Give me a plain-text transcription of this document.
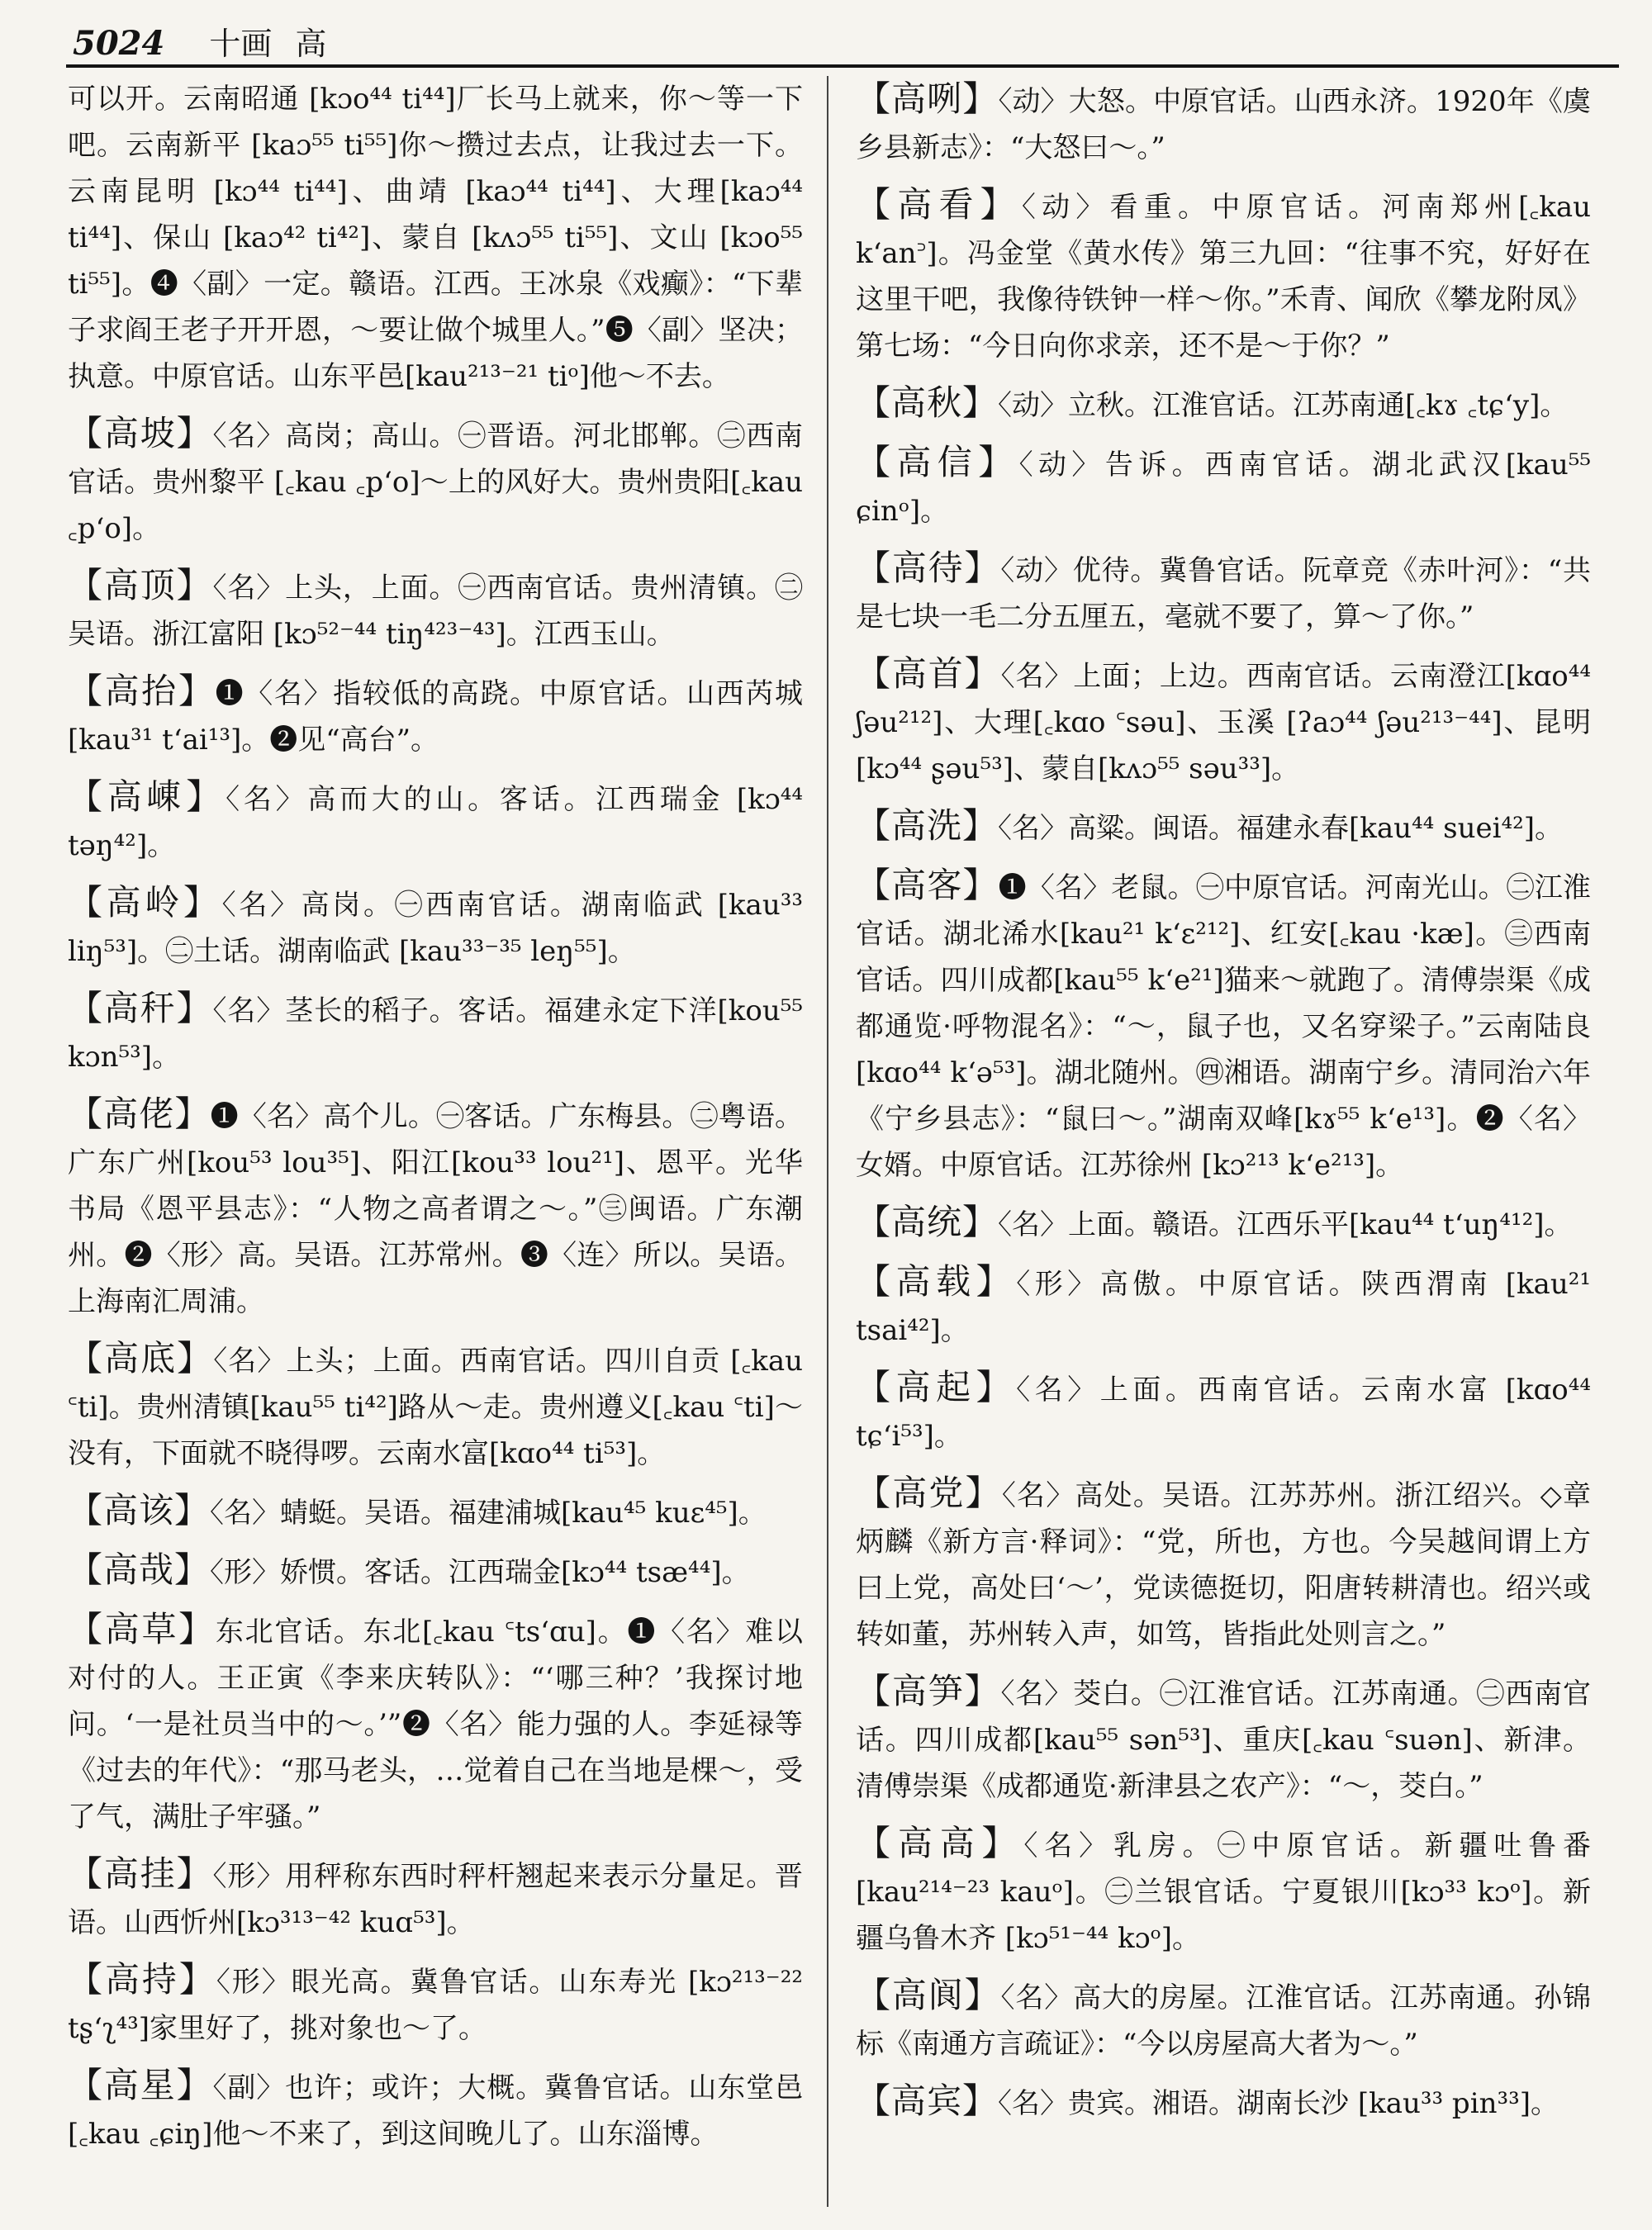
5024 十画 高
可以开。云南昭通 [kɔo⁴⁴ ti⁴⁴]厂长马上就来，你～等一下吧。云南新平 [kaɔ⁵⁵ ti⁵⁵]你～攒过去点，让我过去一下。云南昆明 [kɔ⁴⁴ ti⁴⁴]、曲靖 [kaɔ⁴⁴ ti⁴⁴]、大理[kaɔ⁴⁴ ti⁴⁴]、保山 [kaɔ⁴² ti⁴²]、蒙自 [kʌɔ⁵⁵ ti⁵⁵]、文山 [kɔo⁵⁵ ti⁵⁵]。❹〈副〉一定。赣语。江西。王冰泉《戏癫》：“下辈子求阎王老子开开恩，～要让做个城里人。”❺〈副〉坚决；执意。中原官话。山东平邑[kau²¹³⁻²¹ tiᵒ]他～不去。
【高坡】〈名〉高岗；高山。㊀晋语。河北邯郸。㊁西南官话。贵州黎平 [꜀kau ꜀p‘o]～上的风好大。贵州贵阳[꜀kau ꜀p‘o]。
【高顶】〈名〉上头，上面。㊀西南官话。贵州清镇。㊁吴语。浙江富阳 [kɔ⁵²⁻⁴⁴ tiŋ⁴²³⁻⁴³]。江西玉山。
【高抬】❶〈名〉指较低的高跷。中原官话。山西芮城 [kau³¹ t‘ai¹³]。❷见“高台”。
【高崠】〈名〉高而大的山。客话。江西瑞金 [kɔ⁴⁴ təŋ⁴²]。
【高岭】〈名〉高岗。㊀西南官话。湖南临武 [kau³³ liŋ⁵³]。㊁土话。湖南临武 [kau³³⁻³⁵ leŋ⁵⁵]。
【高秆】〈名〉茎长的稻子。客话。福建永定下洋[kou⁵⁵ kɔn⁵³]。
【高佬】❶〈名〉高个儿。㊀客话。广东梅县。㊁粤语。广东广州[kou⁵³ lou³⁵]、阳江[kou³³ lou²¹]、恩平。光华书局《恩平县志》：“人物之高者谓之～。”㊂闽语。广东潮州。❷〈形〉高。吴语。江苏常州。❸〈连〉所以。吴语。上海南汇周浦。
【高底】〈名〉上头；上面。西南官话。四川自贡 [꜀kau ꜂ti]。贵州清镇[kau⁵⁵ ti⁴²]路从～走。贵州遵义[꜀kau ꜂ti]～没有，下面就不晓得啰。云南水富[kɑo⁴⁴ ti⁵³]。
【高该】〈名〉蜻蜓。吴语。福建浦城[kau⁴⁵ kuɛ⁴⁵]。
【高哉】〈形〉娇惯。客话。江西瑞金[kɔ⁴⁴ tsæ⁴⁴]。
【高草】东北官话。东北[꜀kau ꜂ts‘ɑu]。❶〈名〉难以对付的人。王正寅《李来庆转队》：“‘哪三种？’我探讨地问。‘一是社员当中的～。’”❷〈名〉能力强的人。李延禄等《过去的年代》：“那马老头，…觉着自己在当地是棵～，受了气，满肚子牢骚。”
【高挂】〈形〉用秤称东西时秤杆翘起来表示分量足。晋语。山西忻州[kɔ³¹³⁻⁴² kuɑ⁵³]。
【高持】〈形〉眼光高。冀鲁官话。山东寿光 [kɔ²¹³⁻²² tʂ‘ʅ⁴³]家里好了，挑对象也～了。
【高星】〈副〉也许；或许；大概。冀鲁官话。山东堂邑 [꜀kau ꜀ɕiŋ]他～不来了，到这间晚儿了。山东淄博。
【高咧】〈动〉大怒。中原官话。山西永济。1920年《虞乡县新志》：“大怒曰～。”
【高看】〈动〉看重。中原官话。河南郑州[꜀kau k‘an꜄]。冯金堂《黄水传》第三九回：“往事不究，好好在这里干吧，我像待铁钟一样～你。”禾青、闻欣《攀龙附凤》第七场：“今日向你求亲，还不是～于你？”
【高秋】〈动〉立秋。江淮官话。江苏南通[꜀kɤ ꜀tɕ‘y]。
【高信】〈动〉告诉。西南官话。湖北武汉[kau⁵⁵ ɕinᵒ]。
【高待】〈动〉优待。冀鲁官话。阮章竞《赤叶河》：“共是七块一毛二分五厘五，毫就不要了，算～了你。”
【高首】〈名〉上面；上边。西南官话。云南澄江[kɑo⁴⁴ ʃəu²¹²]、大理[꜀kɑo ꜂səu]、玉溪 [ʔaɔ⁴⁴ ʃəu²¹³⁻⁴⁴]、昆明[kɔ⁴⁴ ʂəu⁵³]、蒙自[kʌɔ⁵⁵ səu³³]。
【高洗】〈名〉高粱。闽语。福建永春[kau⁴⁴ suei⁴²]。
【高客】❶〈名〉老鼠。㊀中原官话。河南光山。㊁江淮官话。湖北浠水[kau²¹ k‘ɛ²¹²]、红安[꜀kau ·kæ]。㊂西南官话。四川成都[kau⁵⁵ k‘e²¹]猫来～就跑了。清傅崇渠《成都通览·呼物混名》：“～，鼠子也，又名穿梁子。”云南陆良 [kɑo⁴⁴ k‘ə⁵³]。湖北随州。㊃湘语。湖南宁乡。清同治六年《宁乡县志》：“鼠曰～。”湖南双峰[kɤ⁵⁵ k‘e¹³]。❷〈名〉女婿。中原官话。江苏徐州 [kɔ²¹³ k‘e²¹³]。
【高统】〈名〉上面。赣语。江西乐平[kau⁴⁴ t‘uŋ⁴¹²]。
【高载】〈形〉高傲。中原官话。陕西渭南 [kau²¹ tsai⁴²]。
【高起】〈名〉上面。西南官话。云南水富 [kɑo⁴⁴ tɕ‘i⁵³]。
【高党】〈名〉高处。吴语。江苏苏州。浙江绍兴。◇章炳麟《新方言·释词》：“党，所也，方也。今吴越间谓上方曰上党，高处曰‘～’，党读德挺切，阳唐转耕清也。绍兴或转如董，苏州转入声，如笃，皆指此处则言之。”
【高笋】〈名〉茭白。㊀江淮官话。江苏南通。㊁西南官话。四川成都[kau⁵⁵ sən⁵³]、重庆[꜀kau ꜂suən]、新津。清傅崇渠《成都通览·新津县之农产》：“～，茭白。”
【高高】〈名〉乳房。㊀中原官话。新疆吐鲁番[kau²¹⁴⁻²³ kauᵒ]。㊁兰银官话。宁夏银川[kɔ³³ kɔᵒ]。新疆乌鲁木齐 [kɔ⁵¹⁻⁴⁴ kɔᵒ]。
【高阆】〈名〉高大的房屋。江淮官话。江苏南通。孙锦标《南通方言疏证》：“今以房屋高大者为～。”
【高宾】〈名〉贵宾。湘语。湖南长沙 [kau³³ pin³³]。
